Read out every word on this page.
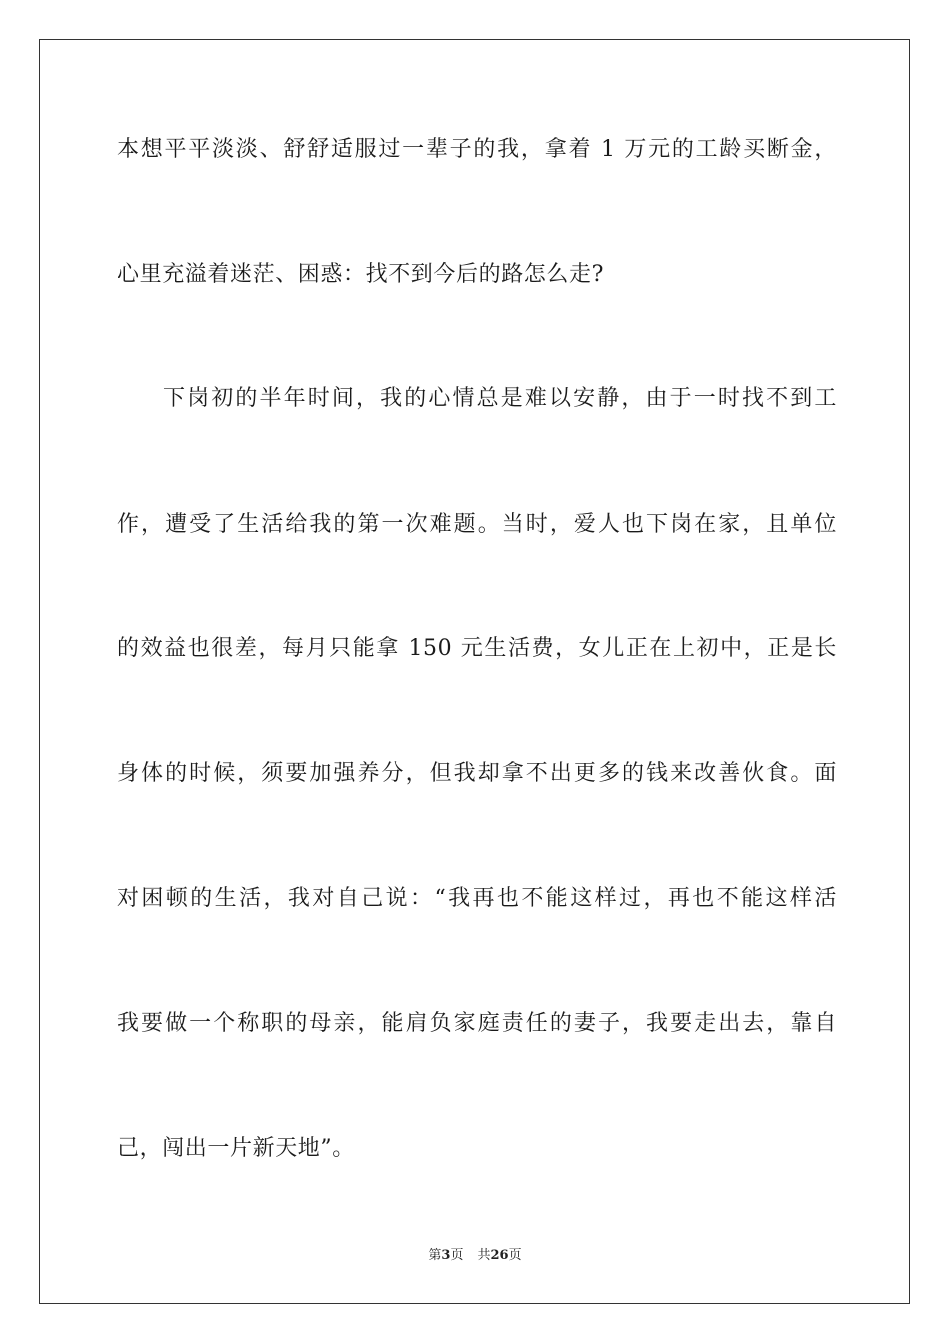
本想平平淡淡、舒舒适服过一辈子的我，拿着 1 万元的工龄买断金，
心里充溢着迷茫、困惑：找不到今后的路怎么走?
下岗初的半年时间，我的心情总是难以安静，由于一时找不到工
作，遭受了生活给我的第一次难题。当时，爱人也下岗在家，且单位
的效益也很差，每月只能拿 150 元生活费，女儿正在上初中，正是长
身体的时候，须要加强养分，但我却拿不出更多的钱来改善伙食。面
对困顿的生活，我对自己说：“我再也不能这样过，再也不能这样活
我要做一个称职的母亲，能肩负家庭责任的妻子，我要走出去，靠自
己，闯出一片新天地”。
第3页 共26页
